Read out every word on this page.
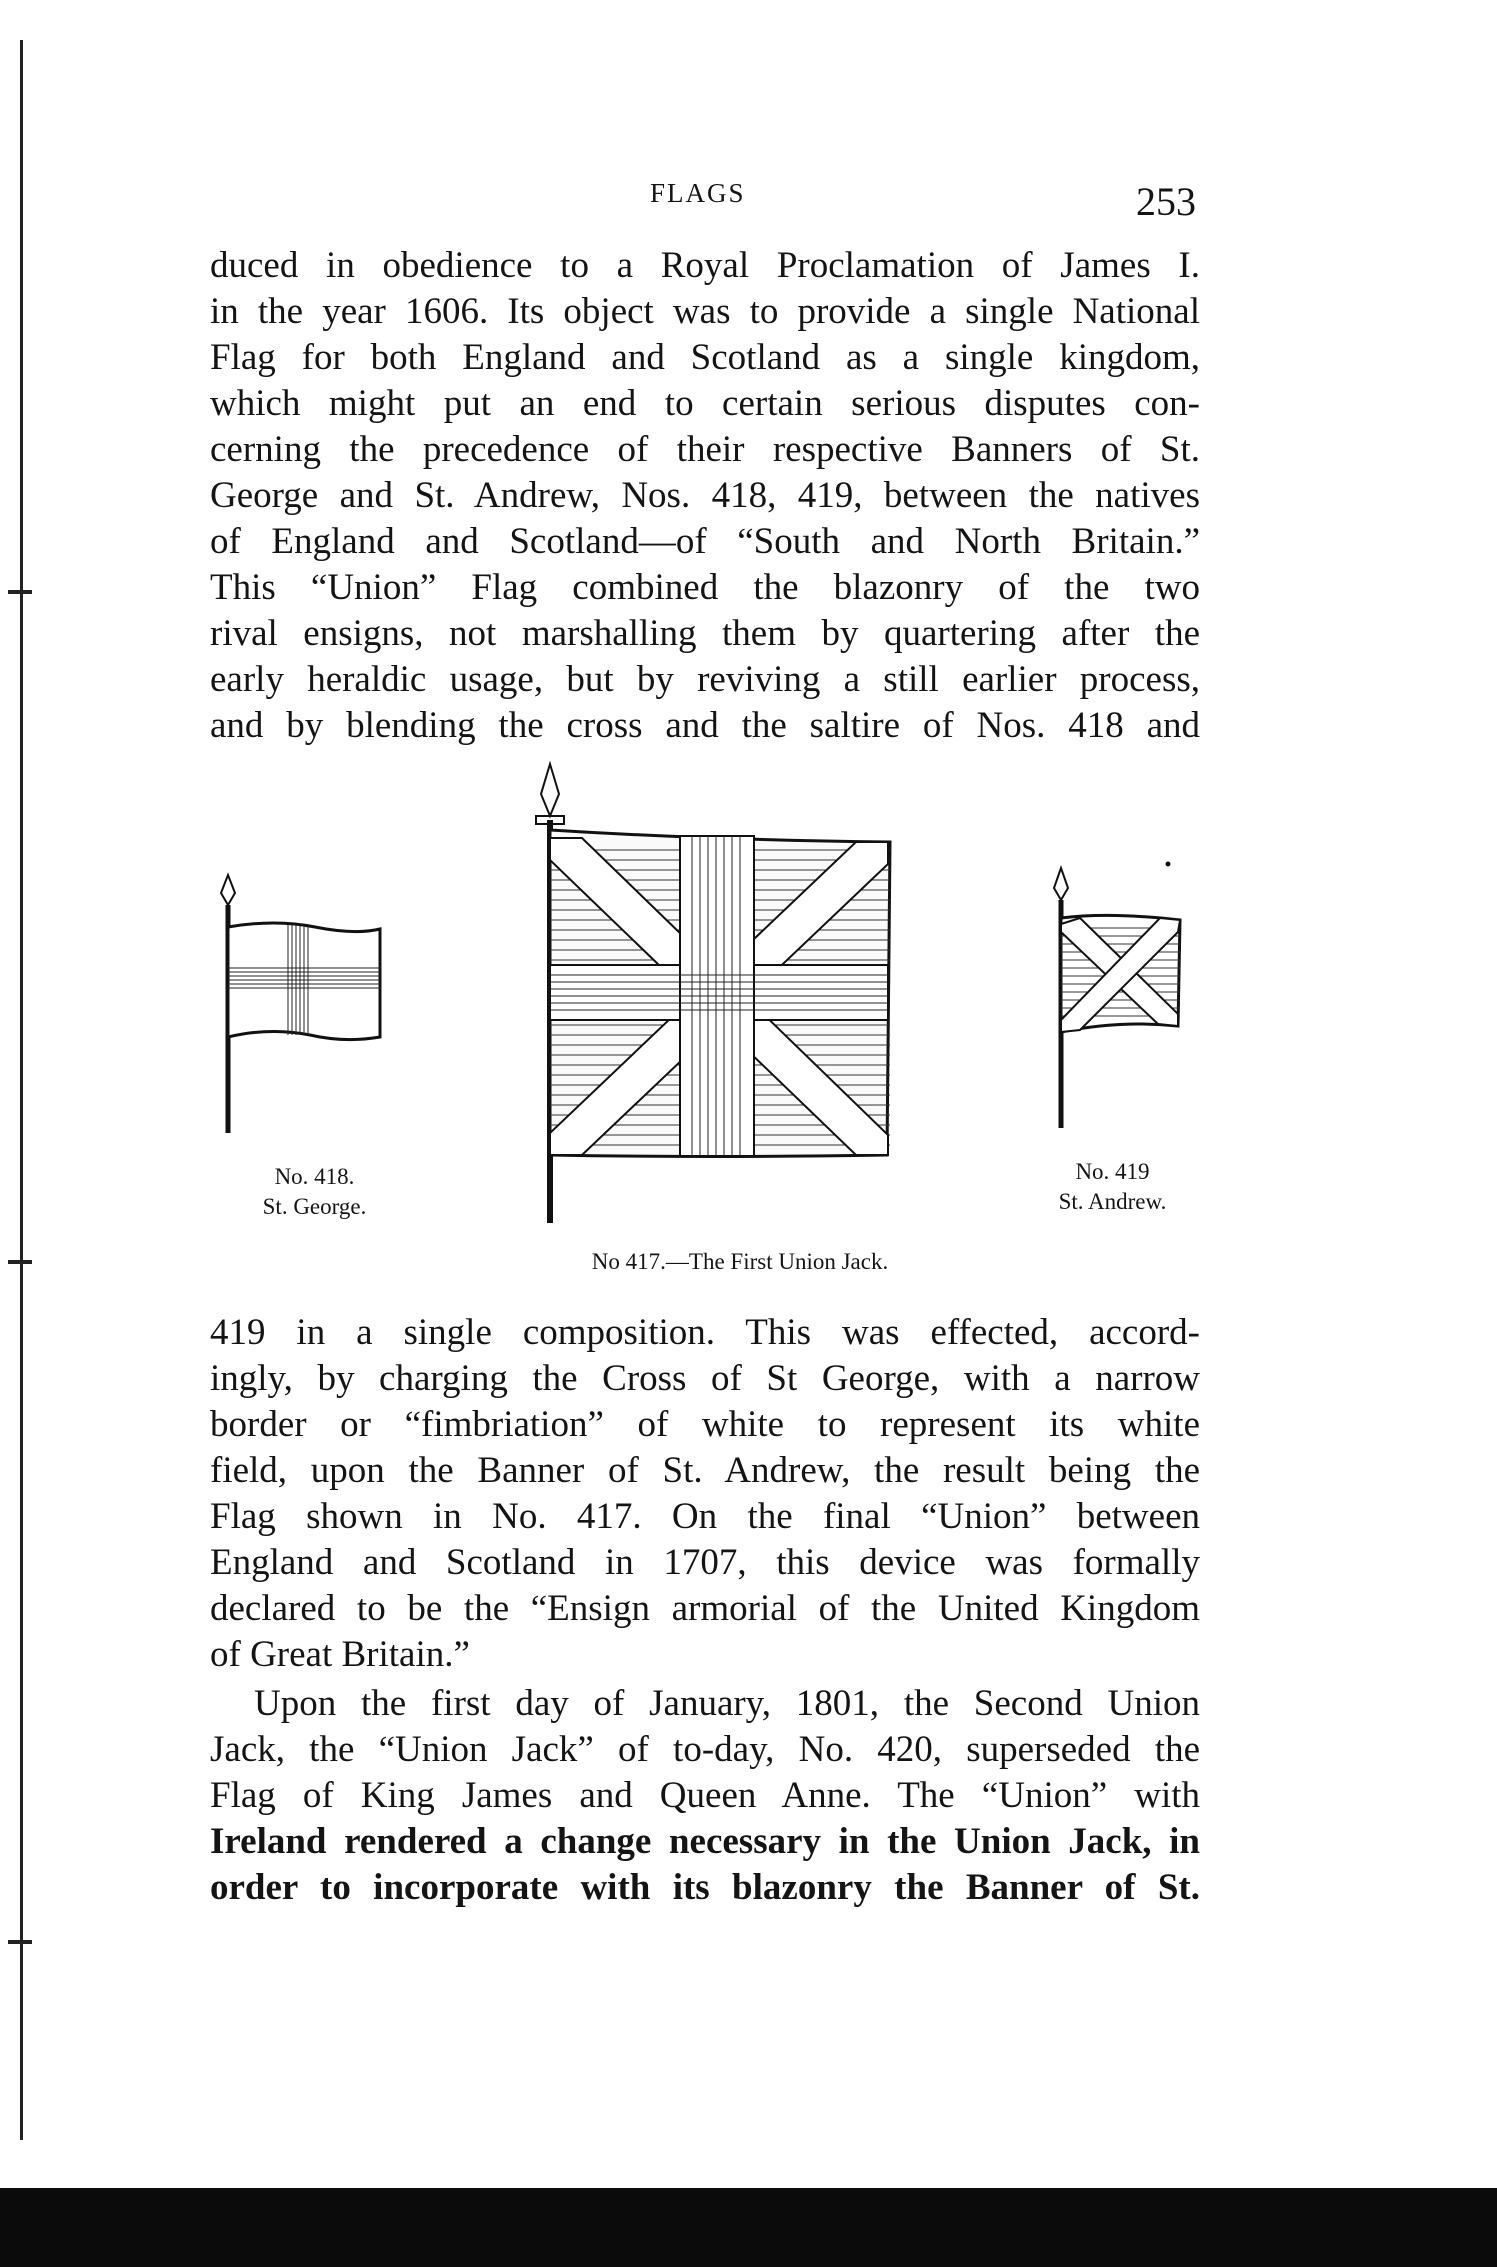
FLAGS	253
duced in obedience to a Royal Proclamation of James I.
in the year 1606. Its object was to provide a single National
Flag for both England and Scotland as a single kingdom,
which might put an end to certain serious disputes con-
cerning the precedence of their respective Banners of St.
George and St. Andrew, Nos. 418, 419, between the natives
of England and Scotland—of “South and North Britain.”
This “Union” Flag combined the blazonry of the two
rival ensigns, not marshalling them by quartering after the
early heraldic usage, but by reviving a still earlier process,
and by blending the cross and the saltire of Nos. 418 and
No. 418.
St. George.
No 417.—The First Union Jack.
No. 419
St. Andrew.
419 in a single composition. This was effected, accord-
ingly, by charging the Cross of St George, with a narrow
border or “fimbriation” of white to represent its white
field, upon the Banner of St. Andrew, the result being the
Flag shown in No. 417. On the final “Union” between
England and Scotland in 1707, this device was formally
declared to be the “Ensign armorial of the United Kingdom
of Great Britain.”
Upon the first day of January, 1801, the Second Union
Jack, the “Union Jack” of to-day, No. 420, superseded the
Flag of King James and Queen Anne. The “Union” with
Ireland rendered a change necessary in the Union Jack, in
order to incorporate with its blazonry the Banner of St.
